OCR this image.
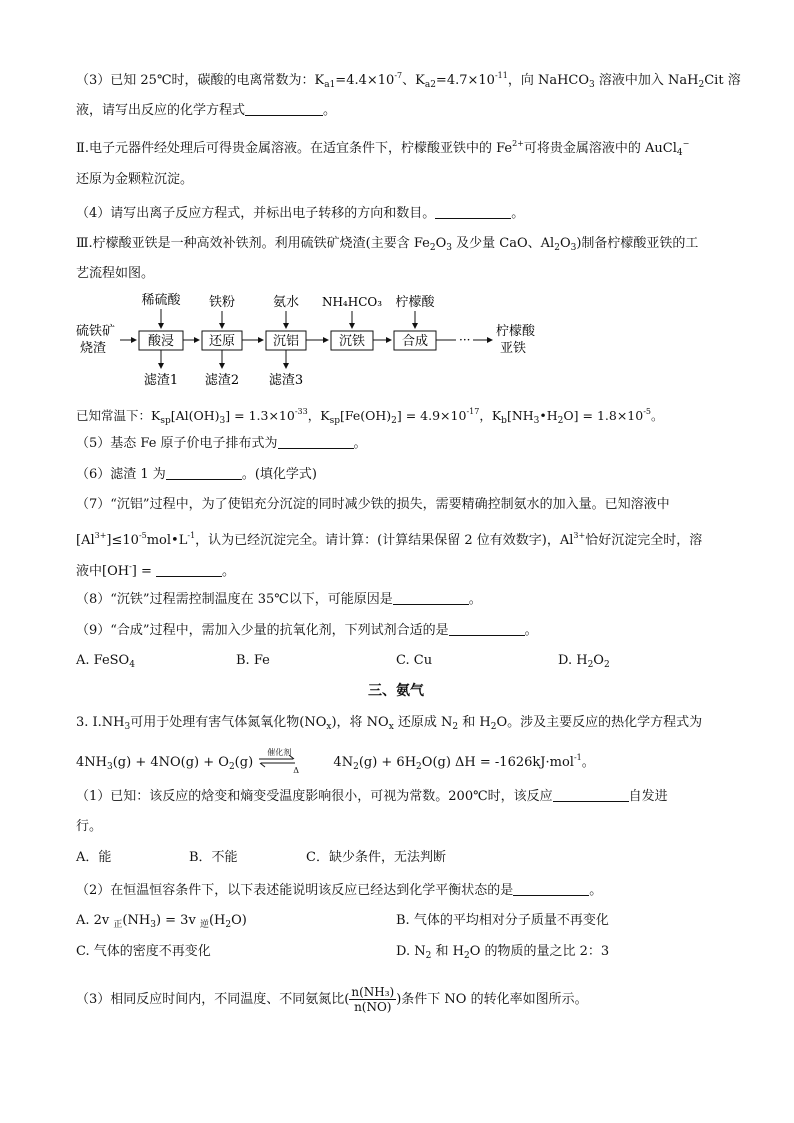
（3）已知 25℃时，碳酸的电离常数为：$K_{a1}=4.4\times 10^{-7}$、$K_{a2}=4.7\times 10^{-11}$，向 NaHCO$_3$ 溶液中加入 NaH$_2$Cit 溶
液，请写出反应的化学方程式	。
Ⅱ.电子元器件经处理后可得贵金属溶液。在适宜条件下，柠檬酸亚铁中的 $Fe^{2+}$可将贵金属溶液中的 AuCl$_4$−
还原为金颗粒沉淀。
（4）请写出离子反应方程式，并标出电子转移的方向和数目。	。
Ⅲ.柠檬酸亚铁是一种高效补铁剂。利用硫铁矿烧渣(主要含 $Fe_2O_3$ 及少量 CaO、$Al_2O_3$)制备柠檬酸亚铁的工
艺流程如图。
硫铁矿
烧渣	酸浸	还原	沉铝	沉铁	合成	···
柠檬酸
亚铁
稀硫酸 铁粉	氨水 NH₄HCO₃ 柠檬酸
滤渣1 滤渣2 滤渣3
已知常温下：$K_{sp}[Al(OH)_3] = 1.3\times 10^{-33}$，$K_{sp}[Fe(OH)_2] = 4.9\times 10^{-17}$，$K_b[NH_3•H_2O] = 1.8\times 10^{-5}$。
（5）基态 Fe 原子价电子排布式为	。
（6）滤渣 1 为	。(填化学式)
（7）“沉铝”过程中，为了使铝充分沉淀的同时减少铁的损失，需要精确控制氨水的加入量。已知溶液中
$[Al^{3+}]\le 10^{-5}mol•L^{-1}$，认为已经沉淀完全。请计算：(计算结果保留 2 位有效数字)，$Al^{3+}$恰好沉淀完全时，溶
液中[OH-] =	。
（8）“沉铁”过程需控制温度在 35℃以下，可能原因是	。
（9）“合成”过程中，需加入少量的抗氧化剂，下列试剂合适的是	。
A. FeSO$_4$	B. Fe	C. Cu	D. $H_2O_2$
三、氨气
3. $Ⅰ.NH_3$可用于处理有害气体氮氧化物$(NO_x)$，将 $NO_x$ 还原成 $N_2$ 和 $H_2O$。涉及主要反应的热化学方程式为
$4NH_3(g) + 4NO(g) + O_2(g)$
催化剂
Δ
$4N_2(g) + 6H_2O(g) \Delta H = -1626kJ\cdot mol^{-1}$。
（1）已知：该反应的焓变和熵变受温度影响很小，可视为常数。200℃时，该反应	自发进
行。
A．能	B．不能	C．缺少条件，无法判断
（2）在恒温恒容条件下，以下表述能说明该反应已经达到化学平衡状态的是	。
A. 2v $_正(NH_3) = 3v$ $_逆(H_2O)$	B. 气体的平均相对分子质量不再变化
C. 气体的密度不再变化	D. $N_2$ 和 $H_2O$ 的物质的量之比 2：3
（3）相同反应时间内，不同温度、不同氨氮比( $\frac{\text{n(NH₃)}}{n(NO)}$ )条件下 NO 的转化率如图所示。
